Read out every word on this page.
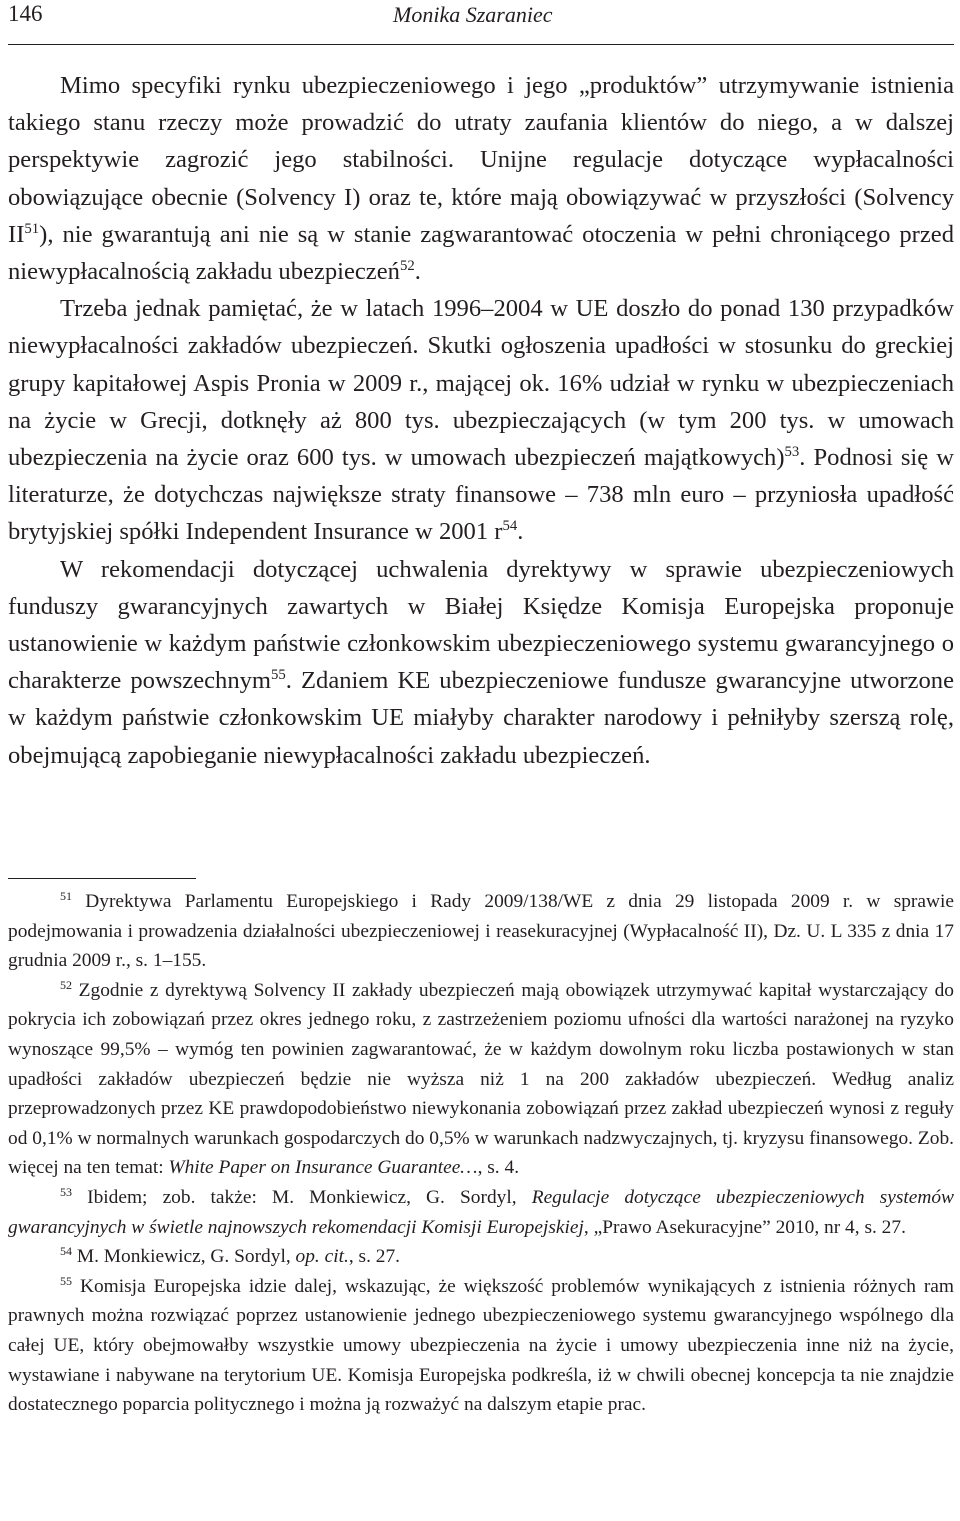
146	Monika Szaraniec

Mimo specyfiki rynku ubezpieczeniowego i jego „produktów” utrzymywanie istnienia takiego stanu rzeczy może prowadzić do utraty zaufania klientów do niego, a w dalszej perspektywie zagrozić jego stabilności. Unijne regulacje dotyczące wypłacalności obowiązujące obecnie (Solvency I) oraz te, które mają obowiązywać w przyszłości (Solvency II$^{51}$), nie gwarantują ani nie są w stanie zagwarantować otoczenia w pełni chroniącego przed niewypłacalnością zakładu ubezpieczeń$^{52}$.

Trzeba jednak pamiętać, że w latach 1996–2004 w UE doszło do ponad 130 przypadków niewypłacalności zakładów ubezpieczeń. Skutki ogłoszenia upadłości w stosunku do greckiej grupy kapitałowej Aspis Pronia w 2009 r., mającej ok. 16% udział w rynku w ubezpieczeniach na życie w Grecji, dotknęły aż 800 tys. ubezpieczających (w tym 200 tys. w umowach ubezpieczenia na życie oraz 600 tys. w umowach ubezpieczeń majątkowych)$^{53}$. Podnosi się w literaturze, że dotychczas największe straty finansowe – 738 mln euro – przyniosła upadłość brytyjskiej spółki Independent Insurance w 2001 $r^{54}$.

W rekomendacji dotyczącej uchwalenia dyrektywy w sprawie ubezpieczeniowych funduszy gwarancyjnych zawartych w Białej Księdze Komisja Europejska proponuje ustanowienie w każdym państwie członkowskim ubezpieczeniowego systemu gwarancyjnego o charakterze powszechnym$^{55}$. Zdaniem KE ubezpieczeniowe fundusze gwarancyjne utworzone w każdym państwie członkowskim UE miałyby charakter narodowy i pełniłyby szerszą rolę, obejmującą zapobieganie niewypłacalności zakładu ubezpieczeń.

$^{51}$ Dyrektywa Parlamentu Europejskiego i Rady 2009/138/WE z dnia 29 listopada 2009 r. w sprawie podejmowania i prowadzenia działalności ubezpieczeniowej i reasekuracyjnej (Wypłacalność II), Dz. U. L 335 z dnia 17 grudnia 2009 r., s. 1–155.

$^{52}$ Zgodnie z dyrektywą Solvency II zakłady ubezpieczeń mają obowiązek utrzymywać kapitał wystarczający do pokrycia ich zobowiązań przez okres jednego roku, z zastrzeżeniem poziomu ufności dla wartości narażonej na ryzyko wynoszące 99,5% – wymóg ten powinien zagwarantować, że w każdym dowolnym roku liczba postawionych w stan upadłości zakładów ubezpieczeń będzie nie wyższa niż 1 na 200 zakładów ubezpieczeń. Według analiz przeprowadzonych przez KE prawdopodobieństwo niewykonania zobowiązań przez zakład ubezpieczeń wynosi z reguły od 0,1% w normalnych warunkach gospodarczych do 0,5% w warunkach nadzwyczajnych, tj. kryzysu finansowego. Zob. więcej na ten temat: White Paper on Insurance Guarantee…, s. 4.

$^{53}$ Ibidem; zob. także: M. Monkiewicz, G. Sordyl, Regulacje dotyczące ubezpieczeniowych systemów gwarancyjnych w świetle najnowszych rekomendacji Komisji Europejskiej, „Prawo Asekuracyjne” 2010, nr 4, s. 27.

$^{54}$ M. Monkiewicz, G. Sordyl, op. cit., s. 27.

$^{55}$ Komisja Europejska idzie dalej, wskazując, że większość problemów wynikających z istnienia różnych ram prawnych można rozwiązać poprzez ustanowienie jednego ubezpieczeniowego systemu gwarancyjnego wspólnego dla całej UE, który obejmowałby wszystkie umowy ubezpieczenia na życie i umowy ubezpieczenia inne niż na życie, wystawiane i nabywane na terytorium UE. Komisja Europejska podkreśla, iż w chwili obecnej koncepcja ta nie znajdzie dostatecznego poparcia politycznego i można ją rozważyć na dalszym etapie prac.
